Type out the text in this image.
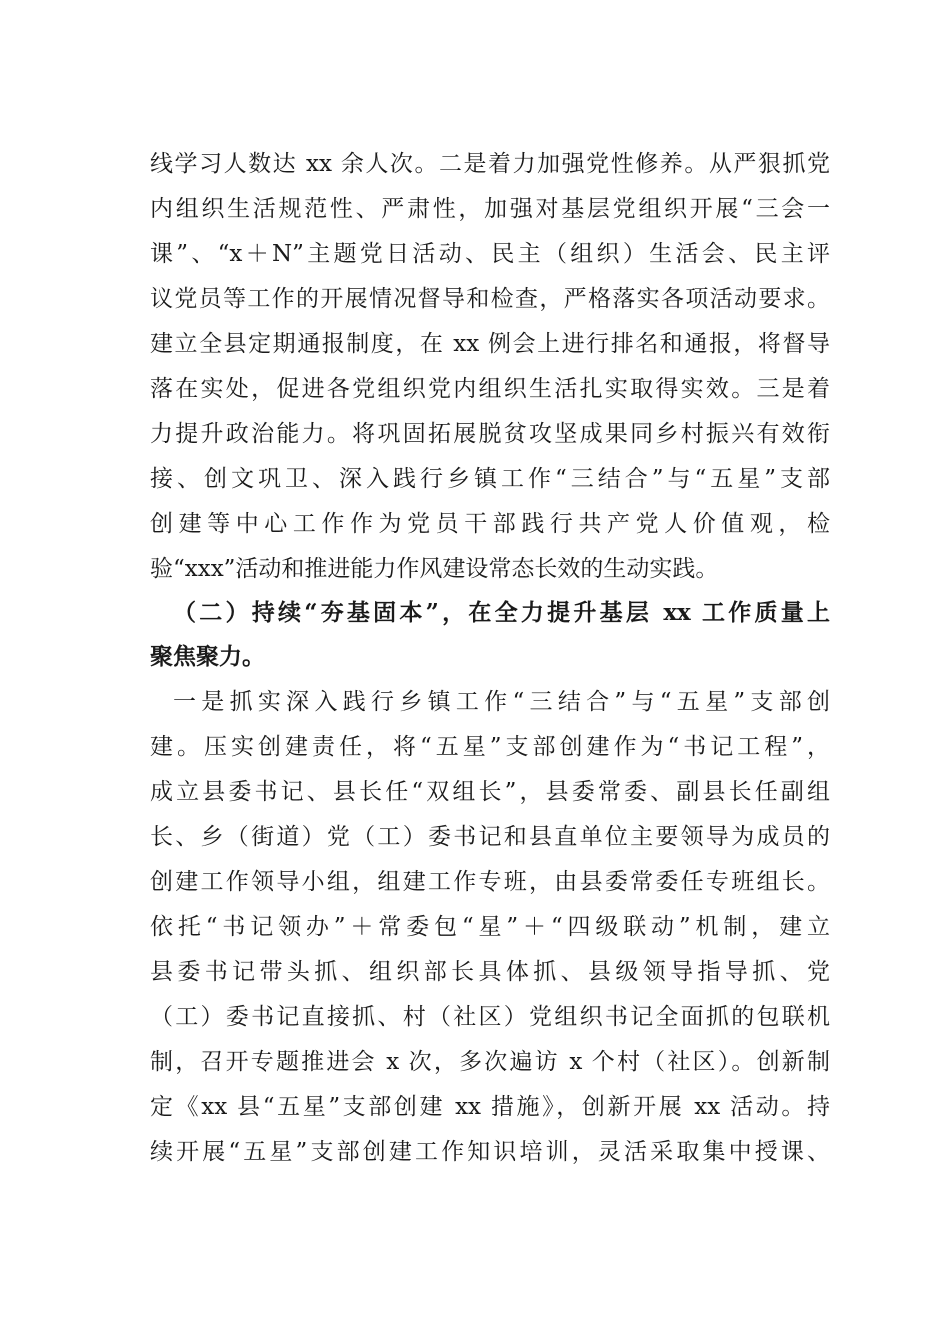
线学习人数达 xx 余人次。二是着力加强党性修养。从严狠抓党
内组织生活规范性、严肃性，加强对基层党组织开展“三会一
课”、“x＋N”主题党日活动、民主（组织）生活会、民主评
议党员等工作的开展情况督导和检查，严格落实各项活动要求。
建立全县定期通报制度，在 xx 例会上进行排名和通报，将督导
落在实处，促进各党组织党内组织生活扎实取得实效。三是着
力提升政治能力。将巩固拓展脱贫攻坚成果同乡村振兴有效衔
接、创文巩卫、深入践行乡镇工作“三结合”与“五星”支部
创建等中心工作作为党员干部践行共产党人价值观，检
验“xxx”活动和推进能力作风建设常态长效的生动实践。
（二）持续“夯基固本”，在全力提升基层 xx 工作质量上
聚焦聚力。
一是抓实深入践行乡镇工作“三结合”与“五星”支部创
建。压实创建责任，将“五星”支部创建作为“书记工程”，
成立县委书记、县长任“双组长”，县委常委、副县长任副组
长、乡（街道）党（工）委书记和县直单位主要领导为成员的
创建工作领导小组，组建工作专班，由县委常委任专班组长。
依托“书记领办”＋常委包“星”＋“四级联动”机制，建立
县委书记带头抓、组织部长具体抓、县级领导指导抓、党
（工）委书记直接抓、村（社区）党组织书记全面抓的包联机
制，召开专题推进会 x 次，多次遍访 x 个村（社区）。创新制
定《xx 县“五星”支部创建 xx 措施》，创新开展 xx 活动。持
续开展“五星”支部创建工作知识培训，灵活采取集中授课、
